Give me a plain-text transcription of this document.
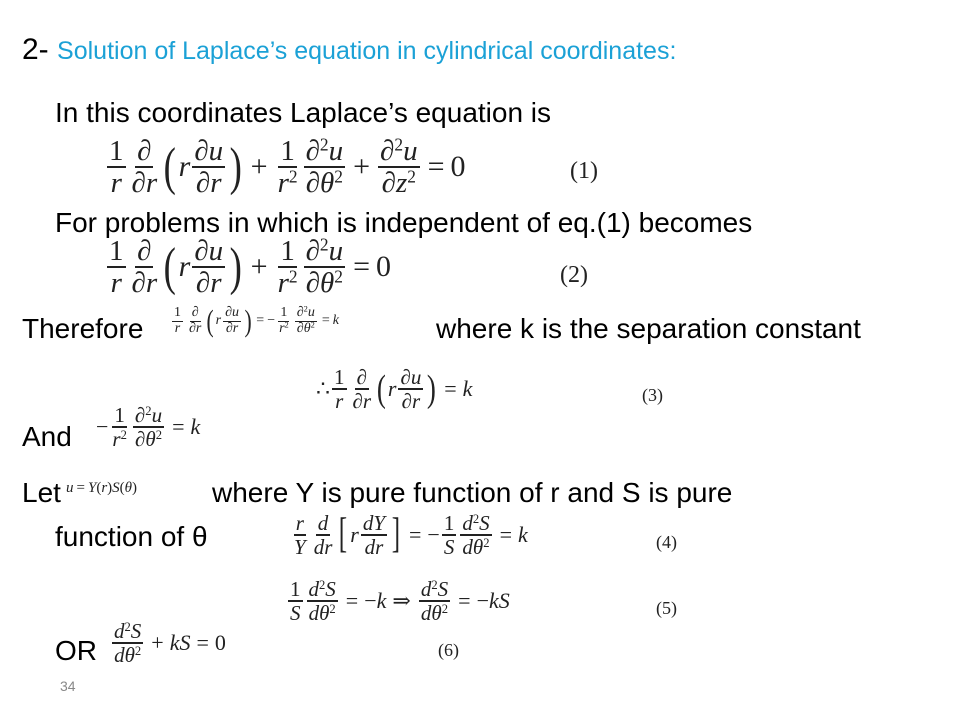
2- Solution of Laplace’s equation in cylindrical coordinates:
In this coordinates Laplace’s equation is
$\frac{1}{r} \frac{\partial}{\partial r}$ ( r $\frac{\partial u}{\partial r}$ ) + $\frac{1}{r^2} \frac{\partial^2u}{\partial\theta^2} + \frac{\partial^2u}{\partial z^2} = 0$	(1)
For problems in which is independent of eq.(1) becomes
$\frac{1}{r} \frac{\partial}{\partial r}$ ( r $\frac{\partial u}{\partial r}$ ) + $\frac{1}{r^2} \frac{\partial^2u}{\partial\theta^2} = 0$	(2)
Therefore $\frac{1}{r} \frac{\partial}{\partial r}$ ( r $\frac{\partial u}{\partial r}$ ) = − $\frac{1}{r^2} \frac{\partial^2u}{\partial\theta^2} = k$	where k is the separation constant
∴ $\frac{1}{r} \frac{\partial}{\partial r}$ ( r $\frac{\partial u}{\partial r}$ ) = k	(3)
And − $\frac{1}{r^2} \frac{\partial^2u}{\partial\theta^2} = k$
Let u = Y ( r ) S ( θ )	where Y is pure function of r and S is pure
function of θ	$\frac{r}{Y} \frac{d}{dr}$ [ r $\frac{dY}{dr}$ ] = − $\frac{1}{S} \frac{d^2S}{d\theta^2} = k$	(4)
$\frac{1}{S} \frac{d^2S}{d\theta^2}$ = − k ⇒ $\frac{d^2S}{d\theta^2}$ = − kS	(5)
OR $\frac{d^2S}{d\theta^2}$ + kS = 0	(6)
34
